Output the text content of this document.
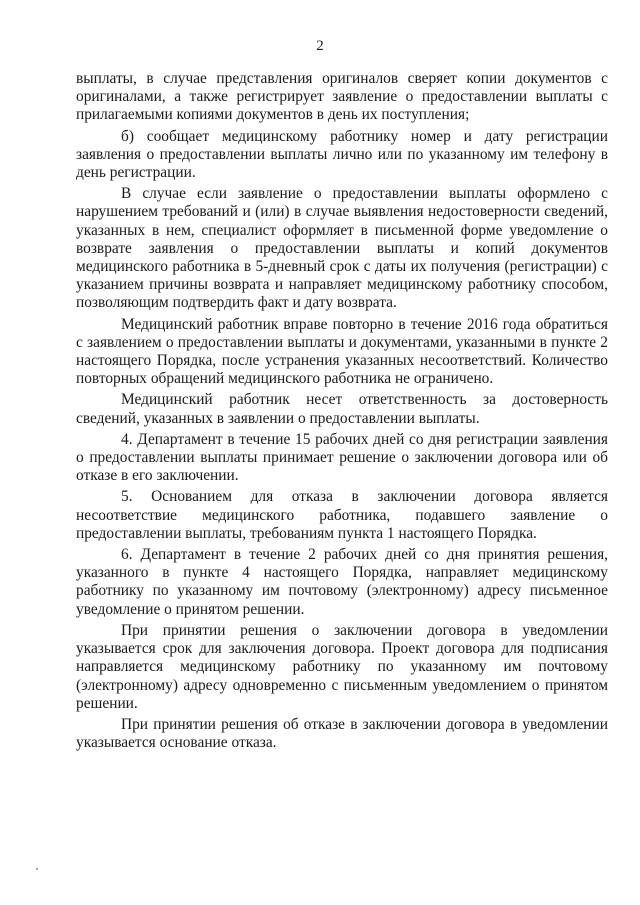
2

выплаты, в случае представления оригиналов сверяет копии документов с оригиналами, а также регистрирует заявление о предоставлении выплаты с прилагаемыми копиями документов в день их поступления;

б) сообщает медицинскому работнику номер и дату регистрации заявления о предоставлении выплаты лично или по указанному им телефону в день регистрации.

В случае если заявление о предоставлении выплаты оформлено с нарушением требований и (или) в случае выявления недостоверности сведений, указанных в нем, специалист оформляет в письменной форме уведомление о возврате заявления о предоставлении выплаты и копий документов медицинского работника в 5-дневный срок с даты их получения (регистрации) с указанием причины возврата и направляет медицинскому работнику способом, позволяющим подтвердить факт и дату возврата.

Медицинский работник вправе повторно в течение 2016 года обратиться с заявлением о предоставлении выплаты и документами, указанными в пункте 2 настоящего Порядка, после устранения указанных несоответствий. Количество повторных обращений медицинского работника не ограничено.

Медицинский работник несет ответственность за достоверность сведений, указанных в заявлении о предоставлении выплаты.

4. Департамент в течение 15 рабочих дней со дня регистрации заявления о предоставлении выплаты принимает решение о заключении договора или об отказе в его заключении.

5. Основанием для отказа в заключении договора является несоответствие медицинского работника, подавшего заявление о предоставлении выплаты, требованиям пункта 1 настоящего Порядка.

6. Департамент в течение 2 рабочих дней со дня принятия решения, указанного в пункте 4 настоящего Порядка, направляет медицинскому работнику по указанному им почтовому (электронному) адресу письменное уведомление о принятом решении.

При принятии решения о заключении договора в уведомлении указывается срок для заключения договора. Проект договора для подписания направляется медицинскому работнику по указанному им почтовому (электронному) адресу одновременно с письменным уведомлением о принятом решении.

При принятии решения об отказе в заключении договора в уведомлении указывается основание отказа.
